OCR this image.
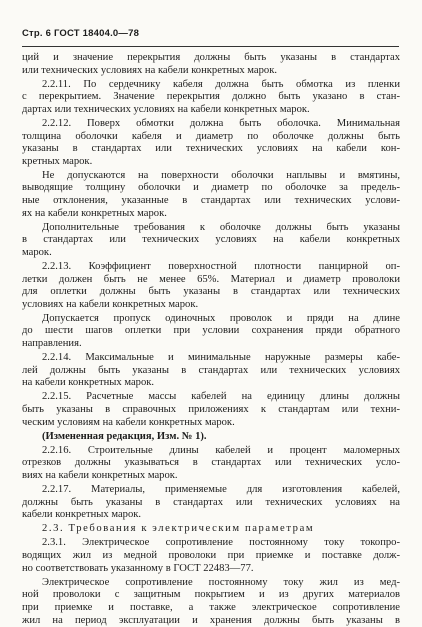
Стр. 6 ГОСТ 18404.0—78
ций и значение перекрытия должны быть указаны в стандартах
или технических условиях на кабели конкретных марок.
2.2.11. По сердечнику кабеля должна быть обмотка из пленки
с перекрытием. Значение перекрытия должно быть указано в стан-
дартах или технических условиях на кабели конкретных марок.
2.2.12. Поверх обмотки должна быть оболочка. Минимальная
толщина оболочки кабеля и диаметр по оболочке должны быть
указаны в стандартах или технических условиях на кабели кон-
кретных марок.
Не допускаются на поверхности оболочки наплывы и вмятины,
выводящие толщину оболочки и диаметр по оболочке за предель-
ные отклонения, указанные в стандартах или технических услови-
ях на кабели конкретных марок.
Дополнительные требования к оболочке должны быть указаны
в стандартах или технических условиях на кабели конкретных
марок.
2.2.13. Коэффициент поверхностной плотности панцирной оп-
летки должен быть не менее 65%. Материал и диаметр проволоки
для оплетки должны быть указаны в стандартах или технических
условиях на кабели конкретных марок.
Допускается пропуск одиночных проволок и пряди на длине
до шести шагов оплетки при условии сохранения пряди обратного
направления.
2.2.14. Максимальные и минимальные наружные размеры кабе-
лей должны быть указаны в стандартах или технических условиях
на кабели конкретных марок.
2.2.15. Расчетные массы кабелей на единицу длины должны
быть указаны в справочных приложениях к стандартам или техни-
ческим условиям на кабели конкретных марок.
(Измененная редакция, Изм. № 1).
2.2.16. Строительные длины кабелей и процент маломерных
отрезков должны указываться в стандартах или технических усло-
виях на кабели конкретных марок.
2.2.17. Материалы, применяемые для изготовления кабелей,
должны быть указаны в стандартах или технических условиях на
кабели конкретных марок.
2.3. Требования к электрическим параметрам
2.3.1. Электрическое сопротивление постоянному току токопро-
водящих жил из медной проволоки при приемке и поставке долж-
но соответствовать указанному в ГОСТ 22483—77.
Электрическое сопротивление постоянному току жил из мед-
ной проволоки с защитным покрытием и из других материалов
при приемке и поставке, а также электрическое сопротивление
жил на период эксплуатации и хранения должны быть указаны в
